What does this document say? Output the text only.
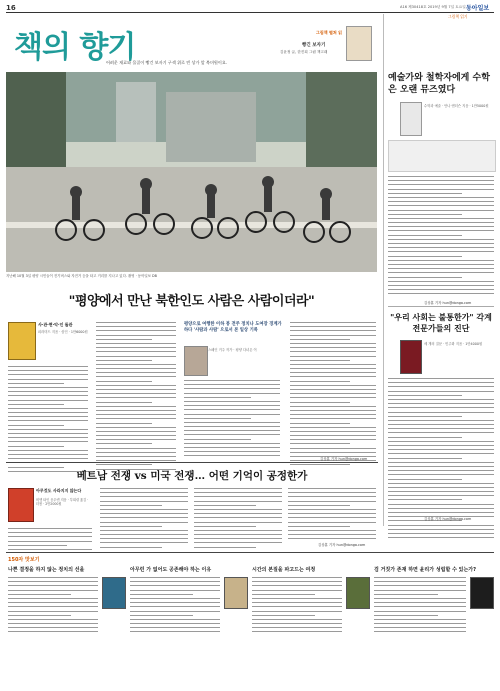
16	A16 제30418호 2019년 9월 7일 토요일 동아일보
책의 향기	그림책 펼쳐 읽
빵긴 보자기
김윤정 글, 한진희 그림 책고래
어려운 재료와 물질이 빵긴 보자기 구색 위로 빈 상가 앞 북머원이요.
지난해 10월 3일 평양 시민들이 전기버스와 자전거 등을 타고 거리를 지나고 있다. 촬영 · 동아일보 DB
"평양에서 만난 북한인도 사람은 사람이더라"
사·관·현·악·인 돌관
피라미드 지음 · 삼인 · 1만6000원
평양으로 여행한 이하 봉 전주 정치나 도여장 경계가 하다 '사람과 사람' 으로서 본 일상 기록
스페인 거주 작가 · 평양 다녀온 이
김상훈 기자 hun@donga.com
그림책 읽기
예술가와 철학자에게 수학은 오랜 뮤즈였다
수학과 예술 · 안나 앤더슨 지음 · 1만5000원
김상훈 기자 hun@donga.com
"우리 사회는 불통한가" 각계 전문가들의 진단
세 개의 질문 · 민주화 지음 · 1만4000원
김상훈 기자 hun@donga.com
베트남 전쟁 vs 미국 전쟁… 어떤 기억이 공정한가
아무것도 사라지지 않는다
비엣 타인 응우옌 지음 · 부희령 옮김 · 더봄 · 2만2000원
김상훈 기자 hun@donga.com
150자 맛보기
나쁜 결정을 하지 않는 정치의 선을	아무런 가 없어도 공존해야 하는 이유	시간의 본질을 파고드는 여정	검 거짓가 존재 하면 윤리가 성립할 수 있는가?
